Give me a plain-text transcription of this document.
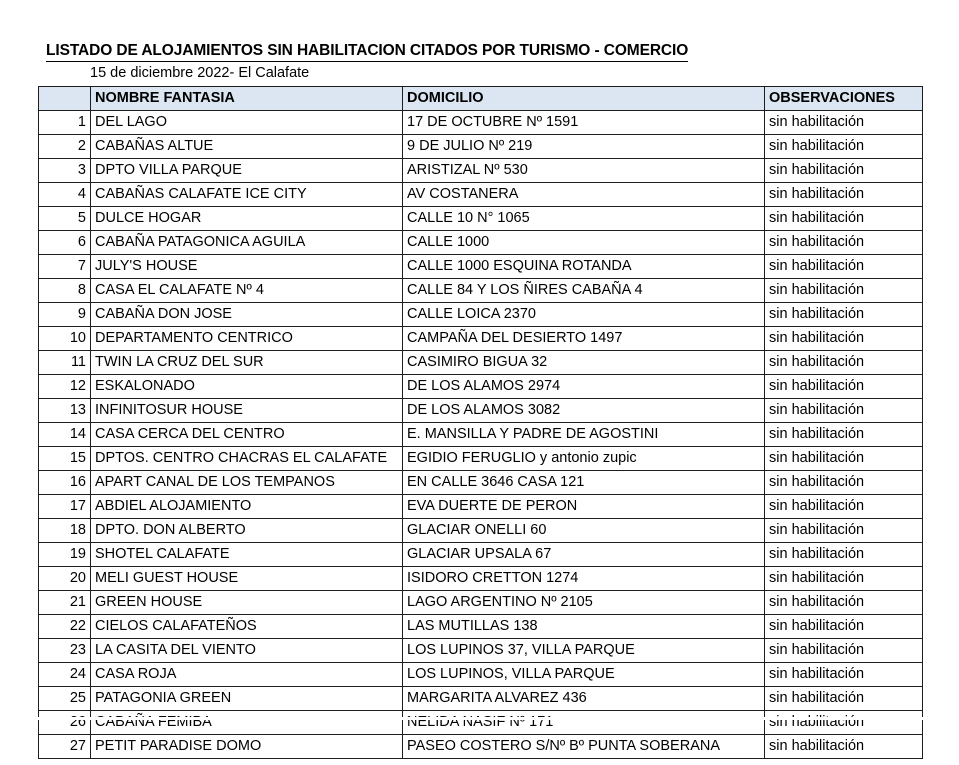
LISTADO DE ALOJAMIENTOS SIN HABILITACION CITADOS POR TURISMO - COMERCIO
15 de diciembre 2022- El Calafate
	NOMBRE FANTASIA	DOMICILIO	OBSERVACIONES
1	DEL LAGO	17 DE OCTUBRE Nº 1591	sin habilitación
2	CABAÑAS ALTUE	9 DE JULIO Nº 219	sin habilitación
3	DPTO VILLA PARQUE	ARISTIZAL Nº 530	sin habilitación
4	CABAÑAS CALAFATE ICE CITY	AV COSTANERA	sin habilitación
5	DULCE HOGAR	CALLE 10 N° 1065	sin habilitación
6	CABAÑA PATAGONICA AGUILA	CALLE 1000	sin habilitación
7	JULY'S HOUSE	CALLE 1000 ESQUINA ROTANDA	sin habilitación
8	CASA EL CALAFATE Nº 4	CALLE 84 Y LOS ÑIRES CABAÑA 4	sin habilitación
9	CABAÑA DON JOSE	CALLE LOICA 2370	sin habilitación
10	DEPARTAMENTO CENTRICO	CAMPAÑA DEL DESIERTO 1497	sin habilitación
11	TWIN LA CRUZ DEL SUR	CASIMIRO BIGUA 32	sin habilitación
12	ESKALONADO	DE LOS ALAMOS 2974	sin habilitación
13	INFINITOSUR HOUSE	DE LOS ALAMOS 3082	sin habilitación
14	CASA CERCA DEL CENTRO	E. MANSILLA Y PADRE DE AGOSTINI	sin habilitación
15	DPTOS. CENTRO CHACRAS EL CALAFATE	EGIDIO FERUGLIO y antonio zupic	sin habilitación
16	APART CANAL DE LOS TEMPANOS	EN CALLE 3646 CASA 121	sin habilitación
17	ABDIEL ALOJAMIENTO	EVA DUERTE DE PERON	sin habilitación
18	DPTO. DON ALBERTO	GLACIAR ONELLI 60	sin habilitación
19	SHOTEL CALAFATE	GLACIAR UPSALA 67	sin habilitación
20	MELI GUEST HOUSE	ISIDORO CRETTON 1274	sin habilitación
21	GREEN HOUSE	LAGO ARGENTINO Nº 2105	sin habilitación
22	CIELOS CALAFATEÑOS	LAS MUTILLAS 138	sin habilitación
23	LA CASITA DEL VIENTO	LOS LUPINOS 37, VILLA PARQUE	sin habilitación
24	CASA ROJA	LOS LUPINOS, VILLA PARQUE	sin habilitación
25	PATAGONIA GREEN	MARGARITA ALVAREZ 436	sin habilitación
26	CABAÑA FEMIBA	NELIDA NASIF Nº 171	sin habilitación
27	PETIT PARADISE DOMO	PASEO COSTERO S/Nº Bº PUNTA SOBERANA	sin habilitación
